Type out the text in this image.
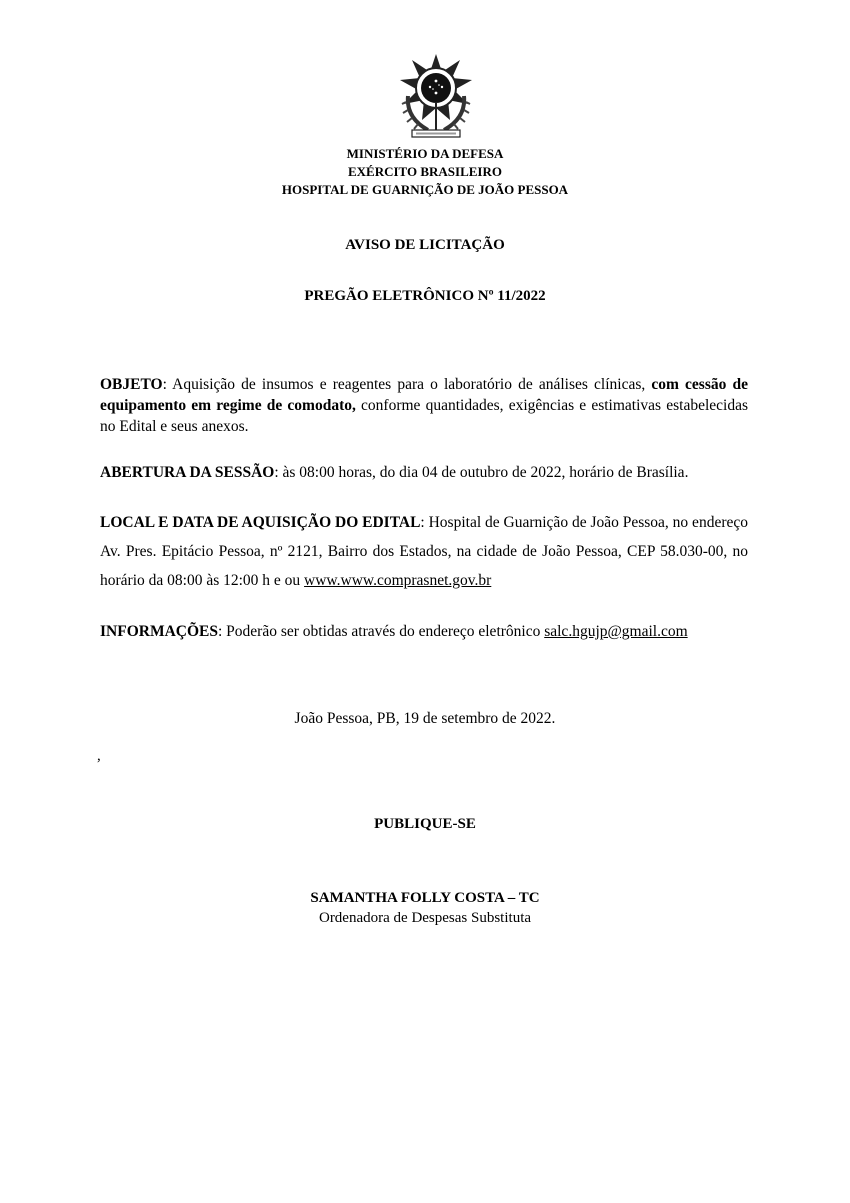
MINISTÉRIO DA DEFESA
EXÉRCITO BRASILEIRO
HOSPITAL DE GUARNIÇÃO DE JOÃO PESSOA
AVISO DE LICITAÇÃO
PREGÃO ELETRÔNICO Nº 11/2022
OBJETO: Aquisição de insumos e reagentes para o laboratório de análises clínicas, com cessão de equipamento em regime de comodato, conforme quantidades, exigências e estimativas estabelecidas no Edital e seus anexos.
ABERTURA DA SESSÃO: às 08:00 horas, do dia 04 de outubro de 2022, horário de Brasília.
LOCAL E DATA DE AQUISIÇÃO DO EDITAL: Hospital de Guarnição de João Pessoa, no endereço Av. Pres. Epitácio Pessoa, nº 2121, Bairro dos Estados, na cidade de João Pessoa, CEP 58.030-00, no horário da 08:00 às 12:00 h e ou www.www.comprasnet.gov.br
INFORMAÇÕES: Poderão ser obtidas através do endereço eletrônico salc.hgujp@gmail.com
João Pessoa, PB, 19 de setembro de 2022.
,
PUBLIQUE-SE
SAMANTHA FOLLY COSTA – TC
Ordenadora de Despesas Substituta
